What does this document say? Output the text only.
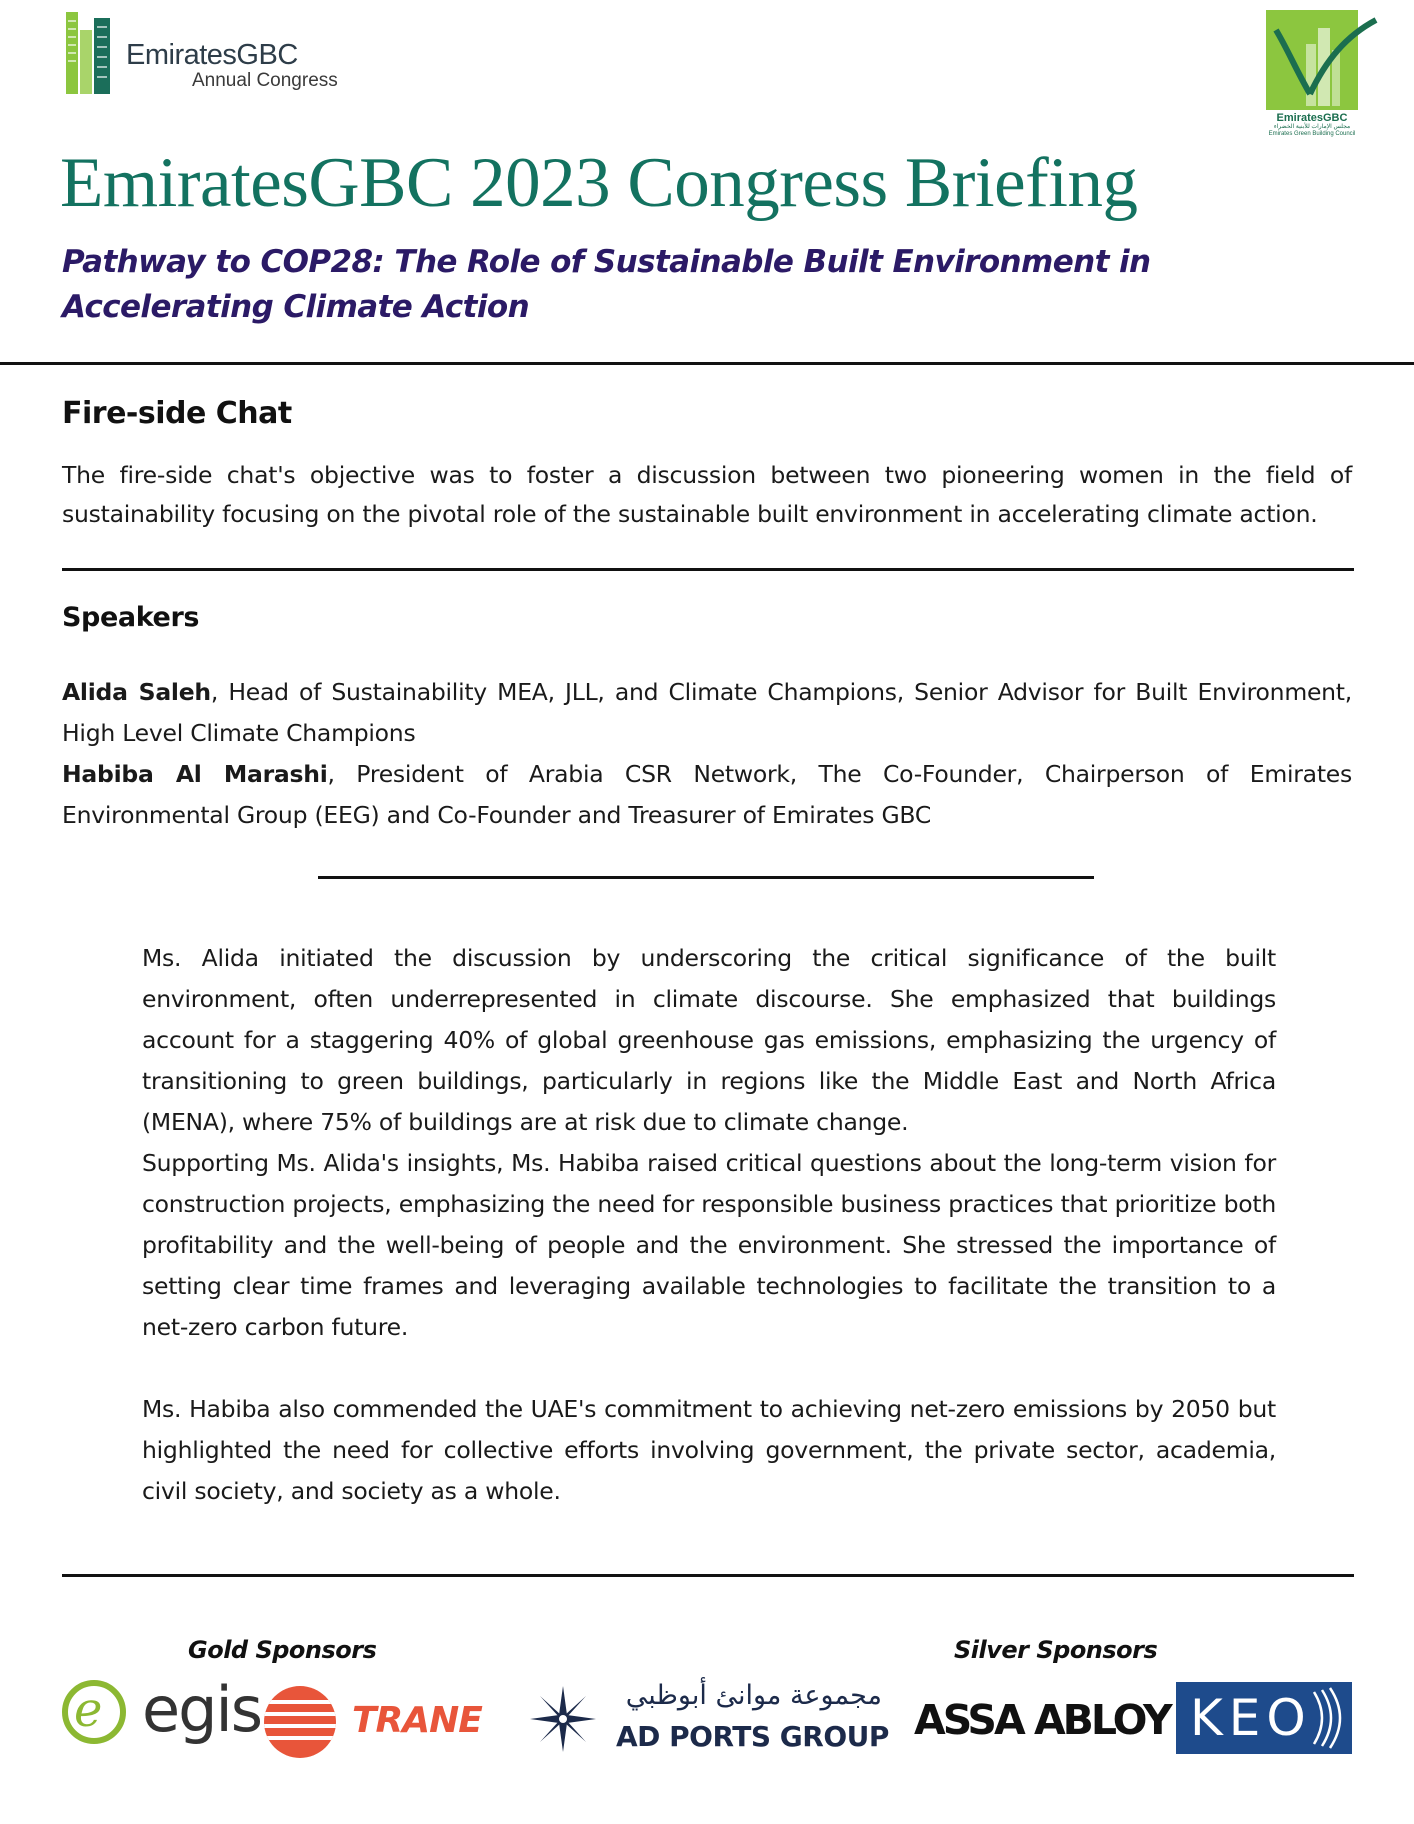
EmiratesGBC
Annual Congress
EmiratesGBC
مجلس الإمارات للأبنية الخضراء
Emirates Green Building Council
EmiratesGBC 2023 Congress Briefing
Pathway to COP28: The Role of Sustainable Built Environment in
Accelerating Climate Action
Fire-side Chat
The fire-side chat's objective was to foster a discussion between two pioneering women in the field of sustainability focusing on the pivotal role of the sustainable built environment in accelerating climate action.
Speakers

Alida Saleh, Head of Sustainability MEA, JLL, and Climate Champions, Senior Advisor for Built Environment, High Level Climate Champions

Habiba Al Marashi, President of Arabia CSR Network, The Co-Founder, Chairperson of Emirates Environmental Group (EEG) and Co-Founder and Treasurer of Emirates GBC

Ms. Alida initiated the discussion by underscoring the critical significance of the built environment, often underrepresented in climate discourse. She emphasized that buildings account for a staggering 40% of global greenhouse gas emissions, emphasizing the urgency of transitioning to green buildings, particularly in regions like the Middle East and North Africa (MENA), where 75% of buildings are at risk due to climate change.

Supporting Ms. Alida's insights, Ms. Habiba raised critical questions about the long-term vision for construction projects, emphasizing the need for responsible business practices that prioritize both profitability and the well-being of people and the environment. She stressed the importance of setting clear time frames and leveraging available technologies to facilitate the transition to a net-zero carbon future.

Ms. Habiba also commended the UAE's commitment to achieving net-zero emissions by 2050 but highlighted the need for collective efforts involving government, the private sector, academia, civil society, and society as a whole.

Gold Sponsors	Silver Sponsors
e egis	TRANE
مجموعة موانئ أبوظبي
AD PORTS GROUP ASSA ABLOY KEO
